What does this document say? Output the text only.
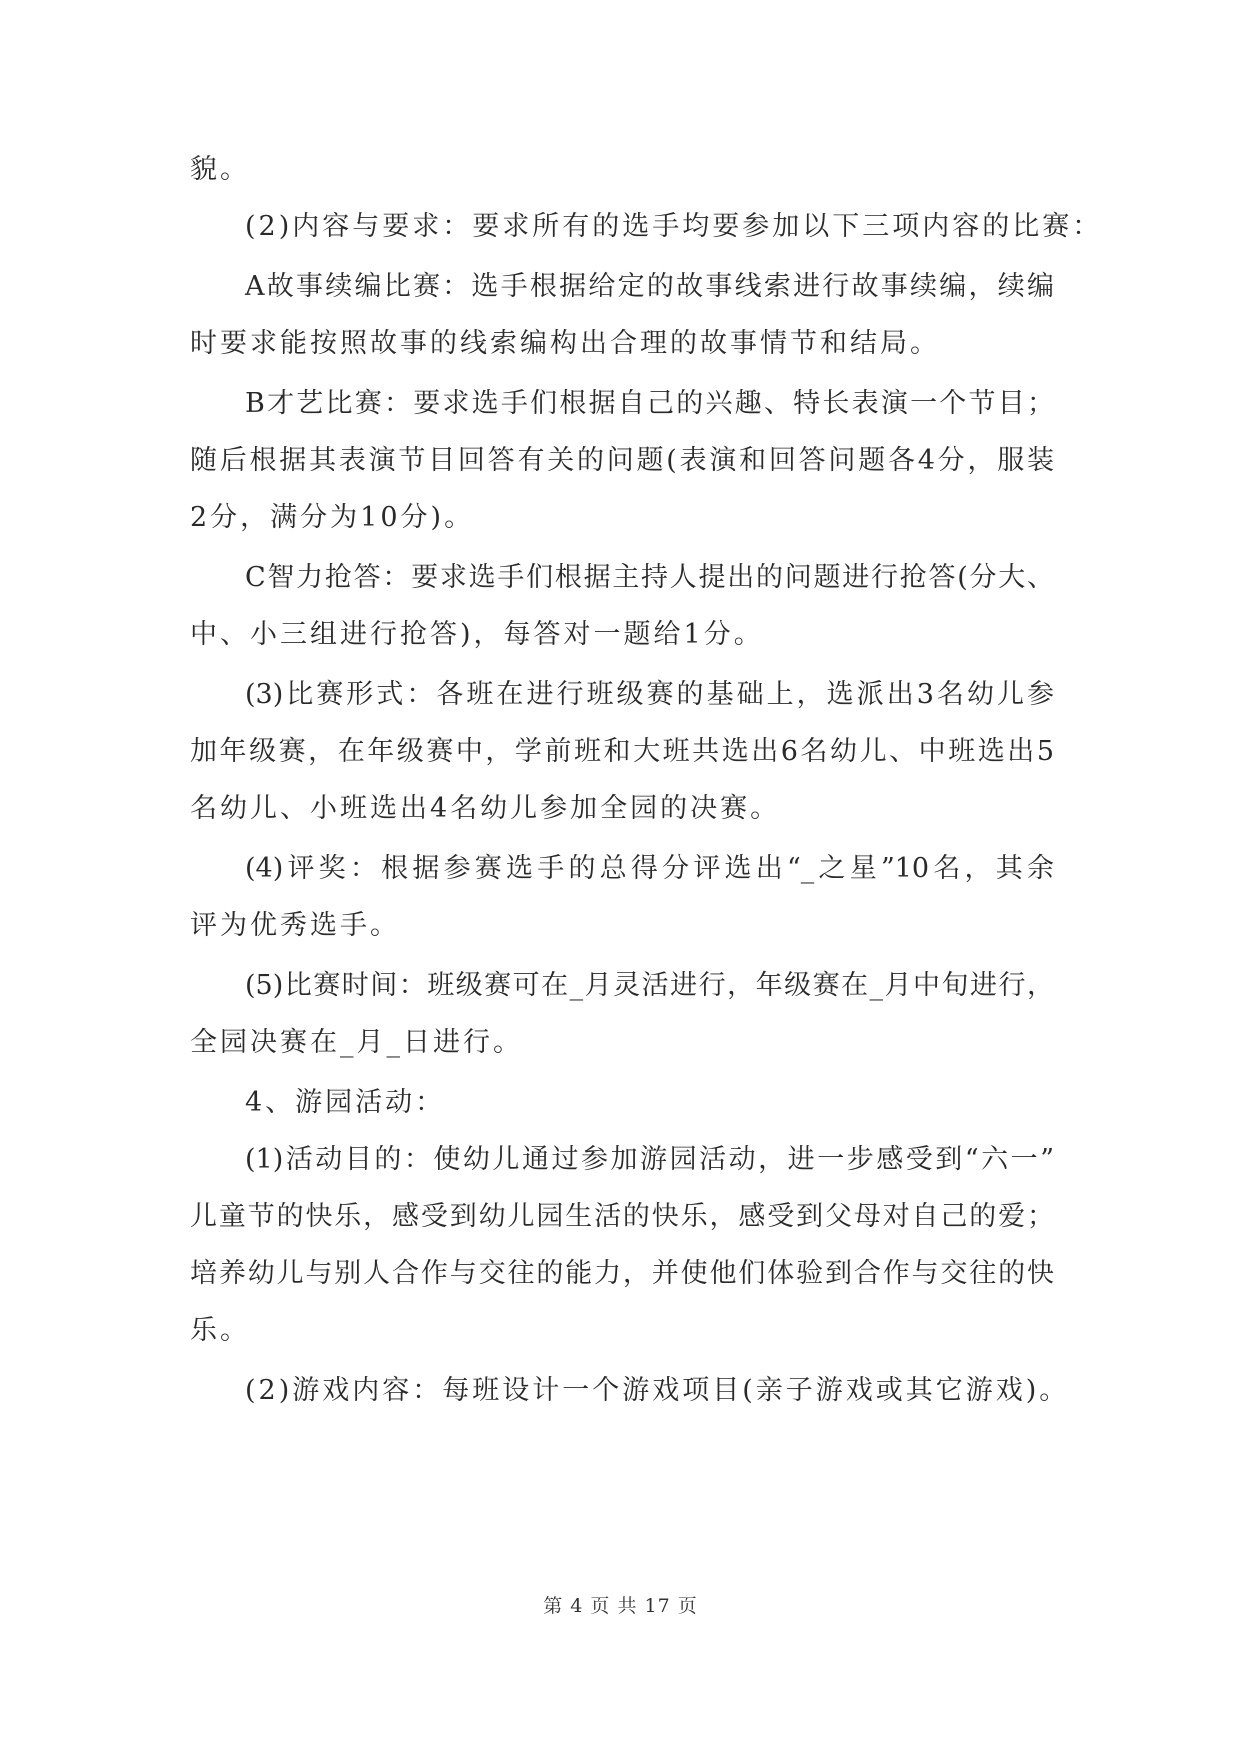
貌。
(2)内容与要求：要求所有的选手均要参加以下三项内容的比赛：
A故事续编比赛：选手根据给定的故事线索进行故事续编，续编
时要求能按照故事的线索编构出合理的故事情节和结局。
B才艺比赛：要求选手们根据自己的兴趣、特长表演一个节目；
随后根据其表演节目回答有关的问题(表演和回答问题各4分，服装
2分，满分为10分)。
C智力抢答：要求选手们根据主持人提出的问题进行抢答(分大、
中、小三组进行抢答)，每答对一题给1分。
(3)比赛形式：各班在进行班级赛的基础上，选派出3名幼儿参
加年级赛，在年级赛中，学前班和大班共选出6名幼儿、中班选出5
名幼儿、小班选出4名幼儿参加全园的决赛。
(4)评奖：根据参赛选手的总得分评选出“_之星”10名，其余
评为优秀选手。
(5)比赛时间：班级赛可在_月灵活进行，年级赛在_月中旬进行，
全园决赛在_月_日进行。
4、游园活动：
(1)活动目的：使幼儿通过参加游园活动，进一步感受到“六一”
儿童节的快乐，感受到幼儿园生活的快乐，感受到父母对自己的爱；
培养幼儿与别人合作与交往的能力，并使他们体验到合作与交往的快
乐。
(2)游戏内容：每班设计一个游戏项目(亲子游戏或其它游戏)。
第 4 页 共 17 页
